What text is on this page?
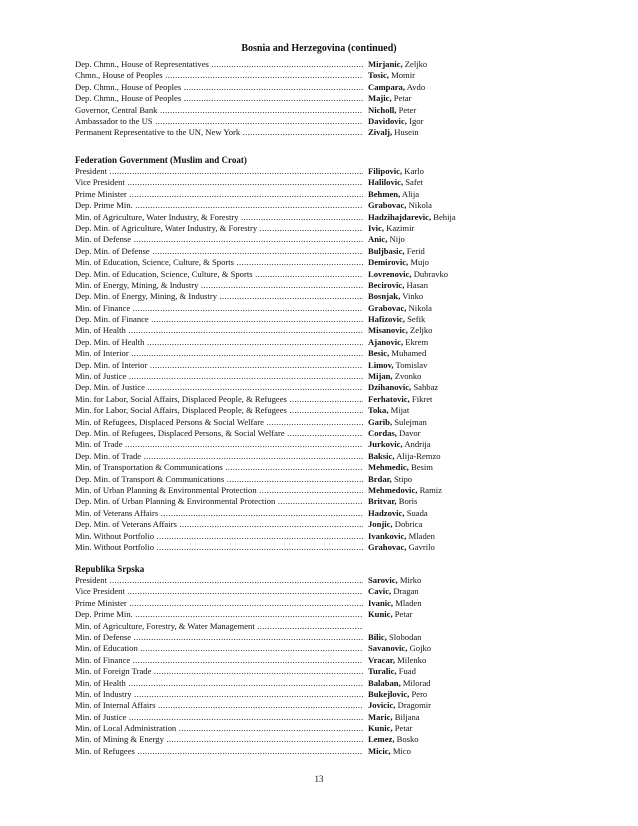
Bosnia and Herzegovina (continued)
Dep. Chmn., House of Representatives .....	Mirjanic, Zeljko
Chmn., House of Peoples .....	Tosic, Momir
Dep. Chmn., House of Peoples .....	Campara, Avdo
Dep. Chmn., House of Peoples .....	Majic, Petar
Governor, Central Bank .....	Nicholl, Peter
Ambassador to the US .....	Davidovic, Igor
Permanent Representative to the UN, New York .....	Zivalj, Husein
Federation Government (Muslim and Croat)
President .....	Filipovic, Karlo
Vice President .....	Halilovic, Safet
Prime Minister .....	Behmen, Alija
Dep. Prime Min. .....	Grabovac, Nikola
Min. of Agriculture, Water Industry, & Forestry .....	Hadzihajdarevic, Behija
Dep. Min. of Agriculture, Water Industry, & Forestry .....	Ivic, Kazimir
Min. of Defense .....	Anic, Nijo
Dep. Min. of Defense .....	Buljbasic, Ferid
Min. of Education, Science, Culture, & Sports .....	Demirovic, Mujo
Dep. Min. of Education, Science, Culture, & Sports .....	Lovrenovic, Dubravko
Min. of Energy, Mining, & Industry .....	Becirovic, Hasan
Dep. Min. of Energy, Mining, & Industry .....	Bosnjak, Vinko
Min. of Finance .....	Grabovac, Nikola
Dep. Min. of Finance .....	Hafizovic, Sefik
Min. of Health .....	Misanovic, Zeljko
Dep. Min. of Health .....	Ajanovic, Ekrem
Min. of Interior .....	Besic, Muhamed
Dep. Min. of Interior .....	Limov, Tomislav
Min. of Justice .....	Mijan, Zvonko
Dep. Min. of Justice .....	Dzihanovic, Sahbaz
Min. for Labor, Social Affairs, Displaced People, & Refugees .....	Ferhatovic, Fikret
Min. for Labor, Social Affairs, Displaced People, & Refugees .....	Toka, Mijat
Min. of Refugees, Displaced Persons & Social Welfare .....	Garib, Sulejman
Dep. Min. of Refugees, Displaced Persons, & Social Welfare .....	Cordas, Davor
Min. of Trade .....	Jurkovic, Andrija
Dep. Min. of Trade .....	Baksic, Alija-Remzo
Min. of Transportation & Communications .....	Mehmedic, Besim
Dep. Min. of Transport & Communications .....	Brdar, Stipo
Min. of Urban Planning & Environmental Protection .....	Mehmedovic, Ramiz
Dep. Min. of Urban Planning & Environmental Protection .....	Britvar, Boris
Min. of Veterans Affairs .....	Hadzovic, Suada
Dep. Min. of Veterans Affairs .....	Jonjic, Dobrica
Min. Without Portfolio .....	Ivankovic, Mladen
Min. Without Portfolio .....	Grahovac, Gavrilo
Republika Srpska
President .....	Sarovic, Mirko
Vice President .....	Cavic, Dragan
Prime Minister .....	Ivanic, Mladen
Dep. Prime Min. .....	Kunic, Petar
Min. of Agriculture, Forestry, & Water Management .....
Min. of Defense .....	Bilic, Slobodan
Min. of Education .....	Savanovic, Gojko
Min. of Finance .....	Vracar, Milenko
Min. of Foreign Trade .....	Turalic, Fuad
Min. of Health .....	Balaban, Milorad
Min. of Industry .....	Bukejlovic, Pero
Min. of Internal Affairs .....	Jovicic, Dragomir
Min. of Justice .....	Maric, Biljana
Min. of Local Administration .....	Kunic, Petar
Min. of Mining & Energy .....	Lemez, Bosko
Min. of Refugees .....	Micic, Mico
13
